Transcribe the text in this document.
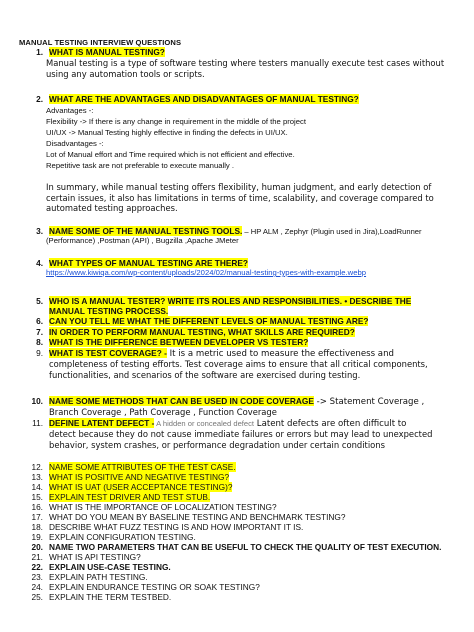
MANUAL TESTING INTERVIEW QUESTIONS
1. WHAT IS MANUAL TESTING?
Manual testing is a type of software testing where testers manually execute test cases without using any automation tools or scripts.
2. WHAT ARE THE ADVANTAGES AND DISADVANTAGES OF MANUAL TESTING?
Advantages -:
Flexibility -> If there is any change in requirement in the middle of the project
UI/UX -> Manual Testing highly effective in finding the defects in UI/UX.
Disadvantages -:
Lot of Manual effort and Time required which is not efficient and effective.
Repetitive task are not preferable to execute manually .
In summary, while manual testing offers flexibility, human judgment, and early detection of certain issues, it also has limitations in terms of time, scalability, and coverage compared to automated testing approaches.
3. NAME SOME OF THE MANUAL TESTING TOOLS. – HP ALM , Zephyr (Plugin used in Jira),LoadRunner
(Performance) ,Postman (API) , Bugzilla ,Apache JMeter
4. WHAT TYPES OF MANUAL TESTING ARE THERE?
https://www.kiwiqa.com/wp-content/uploads/2024/02/manual-testing-types-with-example.webp
5. WHO IS A MANUAL TESTER? WRITE ITS ROLES AND RESPONSIBILITIES. • DESCRIBE THE
MANUAL TESTING PROCESS.
6. CAN YOU TELL ME WHAT THE DIFFERENT LEVELS OF MANUAL TESTING ARE?
7. IN ORDER TO PERFORM MANUAL TESTING, WHAT SKILLS ARE REQUIRED?
8. WHAT IS THE DIFFERENCE BETWEEN DEVELOPER VS TESTER?
9. WHAT IS TEST COVERAGE? - It is a metric used to measure the effectiveness and
completeness of testing efforts. Test coverage aims to ensure that all critical components, functionalities, and scenarios of the software are exercised during testing.
10. NAME SOME METHODS THAT CAN BE USED IN CODE COVERAGE -> Statement Coverage ,
Branch Coverage , Path Coverage , Function Coverage
11. DEFINE LATENT DEFECT - A hidden or concealed defect Latent defects are often difficult to
detect because they do not cause immediate failures or errors but may lead to unexpected behavior, system crashes, or performance degradation under certain conditions
12. NAME SOME ATTRIBUTES OF THE TEST CASE.
13. WHAT IS POSITIVE AND NEGATIVE TESTING?
14. WHAT IS UAT (USER ACCEPTANCE TESTING)?
15. EXPLAIN TEST DRIVER AND TEST STUB.
16. WHAT IS THE IMPORTANCE OF LOCALIZATION TESTING?
17. WHAT DO YOU MEAN BY BASELINE TESTING AND BENCHMARK TESTING?
18. DESCRIBE WHAT FUZZ TESTING IS AND HOW IMPORTANT IT IS.
19. EXPLAIN CONFIGURATION TESTING.
20. NAME TWO PARAMETERS THAT CAN BE USEFUL TO CHECK THE QUALITY OF TEST EXECUTION.
21. WHAT IS API TESTING?
22. EXPLAIN USE-CASE TESTING.
23. EXPLAIN PATH TESTING.
24. EXPLAIN ENDURANCE TESTING OR SOAK TESTING?
25. EXPLAIN THE TERM TESTBED.
